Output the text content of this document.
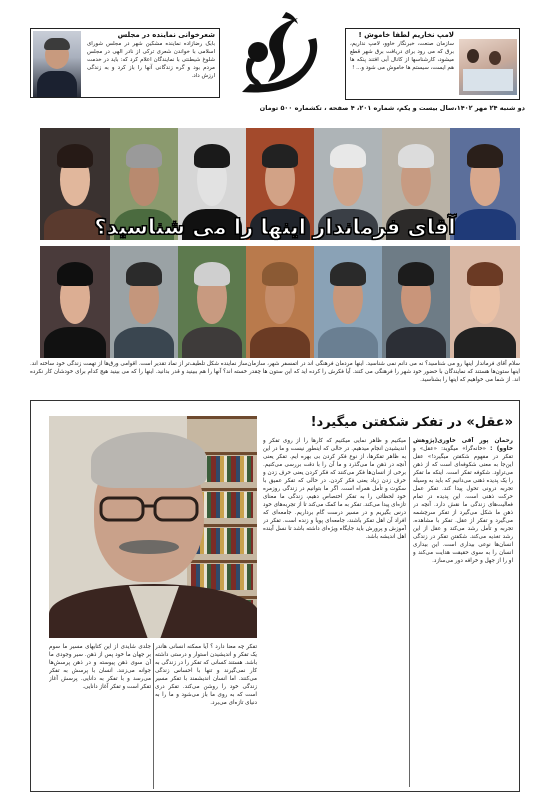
شعرخوانی نماینده در مجلس
بابک رضازاده نماینده مشکین شهر در مجلس شورای اسلامی با خواندن شعری ترکی از نادر الهی در مجلس شلوغ شیطنتی با نمایندگان اعلام کرد که: باید در خدمت مردم بود و گره زندگانی آنها را باز کرد و به زندگی ارزش داد.
لامپ نخاریم لطفا خاموش !
سازمان صنعت، خبرنگار خاوو، لامپ نداریم، برق که می رود برای دریافت برق شهر قطع میشود، کارشناسها از کانال آبی افتند پنکه ها هم ایست، سیستم ها خاموش می شود و... !
دو شنبه ۲۴ مهر ۱۴۰۲،سال بیست و یکم، شماره ۲۰۱، ۴ صفحه ، تکشماره ۵۰۰ تومان
آقای فرماندار اینها را می شناسید؟
سلام آقای فرماندار اینها رو می شناسید؟ نه می دانم نمی شناسید. اینها مردمان فرهنگی اند در اتمسفر شهر، سازمان‌ساز نماینده شکل تلطیف‌تر از نماد تقدیر است. اقوامی ورق‌ها از تهمت زندگی خود ساخته اند. اینها ستون‌ها هستند که نمایندگان با حضور خود شهر را فرهنگی می کنند. آیا فکرش را کرده اید که این ستون ها چقدر خسته اند؟ آنها را هم ببینید و قدر بدانید. اینها را که می بینید هیچ کدام برای خودشان کار نکرده اند. از شما می خواهیم که اینها را بشناسید.
«عقل» در تفکر شکفتن میگیرد!
رحمان پور آقی خاوری(پژوهش خاوو) : «خانه‌گرا» میگوید: «عقل» و تفکر در مفهوم شکفتن میگیرد!» عقل این‌جا به معنی شکوفه‌ای است که از ذهن می‌تراود. شکوفه تفکر است. اینکه ما تفکر را یک پدیده ذهنی می‌دانیم که باید به وسیله تجربه درونی تحول پیدا کند. تفکر عمل حرکت ذهنی است. این پدیده در تمام فعالیت‌های زندگی ما نقش دارد. آنچه در ذهن ما شکل می‌گیرد از تفکر سرچشمه می‌گیرد و تفکر از عقل. تفکر با مشاهده، تجربه و تأمل رشد می‌کند و عقل از این رشد تغذیه می‌کند. شکفتن تفکر در زندگی انسان‌ها نوعی بیداری است. این بیداری انسان را به سوی حقیقت هدایت می‌کند و او را از جهل و خرافه دور می‌سازد.
میکنیم و ظاهر نمایی میکنیم که کارها را از روی تفکر و اندیشیدن انجام میدهیم. در حالی که اینطور نیست و ما در این به ظاهر تفکرها، از نوع فکر کردن بی بهره ایم. تفکر یعنی آنچه در ذهن ما می‌گذرد و ما آن را با دقت بررسی می‌کنیم. برخی از انسان‌ها فکر می‌کنند که فکر کردن یعنی حرف زدن و حرف زدن زیاد یعنی فکر کردن. در حالی که تفکر عمیق با سکوت و تأمل همراه است. اگر ما بتوانیم در زندگی روزمره خود لحظاتی را به تفکر اختصاص دهیم، زندگی ما معنای تازه‌ای پیدا می‌کند. تفکر به ما کمک می‌کند تا از تجربه‌های خود درس بگیریم و در مسیر درست گام برداریم. جامعه‌ای که افراد آن اهل تفکر باشند، جامعه‌ای پویا و زنده است. تفکر در آموزش و پرورش باید جایگاه ویژه‌ای داشته باشد تا نسل آینده اهل اندیشه باشد.
تفکر چه معنا دارد ؟ آیا ممکنه انسانی هاندر یک تفکر و اندیشیدن استوار و درستی داشته باشد. هستند کسانی که تفکر را در زندگی به کار نمی‌گیرند و تنها با احساس زندگی می‌کنند. اما انسان اندیشمند با تفکر مسیر زندگی خود را روشن می‌کند. تفکر دری است که به روی ما باز می‌شود و ما را به دنیای تازه‌ای می‌برد.
جلدی شایدی از این کتابهای مسیر ما سوم بر جهان ما خود پس از ذهن. سیر وجودی ما آن سوی ذهن پیوسته و در ذهن پرسش‌ها جوانه می‌زنند. انسان با پرسش به تفکر می‌رسد و با تفکر به دانایی. پرسش آغاز تفکر است و تفکر آغاز دانایی.
